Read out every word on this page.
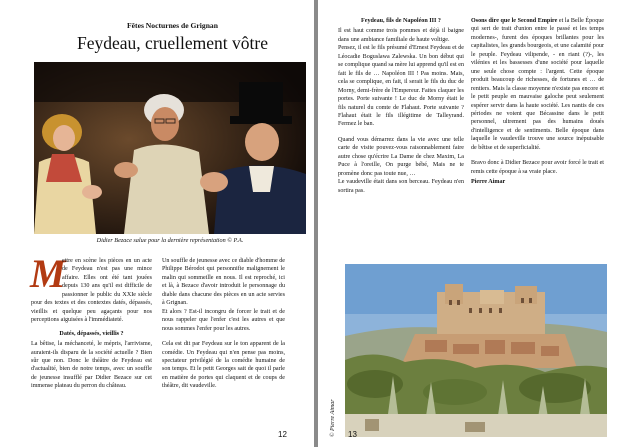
Fêtes Nocturnes de Grignan
Feydeau, cruellement vôtre
Didier Bezace salue pour la dernière représentation © P.A.
M

ettre en scène les pièces en un acte de Feydeau n'est pas une mince affaire. Elles ont été tant jouées depuis 130 ans qu'il est difficile de passionner le public du XXIe siècle pour des textes et des contextes datés, dépassés, vieillis et quelque peu agaçants pour nos perceptions aiguisées à l'immédiateté.

Datés, dépassés, vieillis ?

La bêtise, la méchanceté, le mépris, l'arrivisme, auraient-ils disparu de la société actuelle ? Bien sûr que non. Donc le théâtre de Feydeau est d'actualité, bien de notre temps, avec un souffle de jeunesse insufflé par Didier Bezace sur cet immense plateau du perron du château.

Un souffle de jeunesse avec ce diable d'homme de Philippe Bérodot qui personnifie malignement le malin qui sommeille en nous. Il est reproché, ici et là, à Bezace d'avoir introduit le personnage du diable dans chacune des pièces en un acte servies à Grignan.

Et alors ? Est-il incongru de forcer le trait et de nous rappeler que l'enfer c'est les autres et que nous sommes l'enfer pour les autres.

Cela est dit par Feydeau sur le ton apparent de la comédie. Un Feydeau qui n'en pense pas moins, spectateur privilégié de la comédie humaine de son temps. Et le petit Georges sait de quoi il parle en matière de portes qui claquent et de coups de théâtre, dit vaudeville.

12

Feydeau, fils de Napoléon III ?

Il est haut comme trois pommes et déjà il baigne dans une ambiance familiale de haute voltige.

Pensez, il est le fils présumé d'Ernest Feydeau et de Léocadie Boguslawa Zalewska. Un bon début qui se complique quand sa mère lui apprend qu'il est en fait le fils de … Napoléon III ! Pas moins. Mais, cela se complique, en fait, il serait le fils du duc de Morny, demi-frère de l'Empereur. Faites claquer les portes. Porte suivante ! Le duc de Morny était le fils naturel du comte de Flahaut. Porte suivante ? Flahaut était le fils illégitime de Talleyrand. Fermez le ban.

Quand vous démarrez dans la vie avec une telle carte de visite pouvez-vous raisonnablement faire autre chose qu'écrire La Dame de chez Maxim, La Puce à l'oreille, On purge bébé, Mais ne te promène donc pas toute nue, …

Le vaudeville était dans son berceau. Feydeau n'en sortira pas.

Osons dire que le Second Empire et la Belle Époque qui sert de trait d'union entre le passé et les temps modernes-, furent des époques brillantes pour les capitalistes, les grands bourgeois, et une calamité pour le peuple. Feydeau vilipende, - en riant (?)-, les vilénies et les bassesses d'une société pour laquelle une seule chose compte : l'argent. Cette époque produit beaucoup de richesses, de fortunes et … de rentiers. Mais la classe moyenne n'existe pas encore et le petit peuple en mauvaise galoche peut seulement espérer servir dans la haute société. Les nantis de ces périodes ne voient que Bécassine dans le petit personnel, ultrement pas des humains doués d'intelligence et de sentiments. Belle époque dans laquelle le vaudeville trouve une source inépuisable de bêtise et de superficialité.

Bravo donc à Didier Bezace pour avoir forcé le trait et remis cette époque à sa vraie place.

Pierre Aimar

© Pierre Aimar 13
